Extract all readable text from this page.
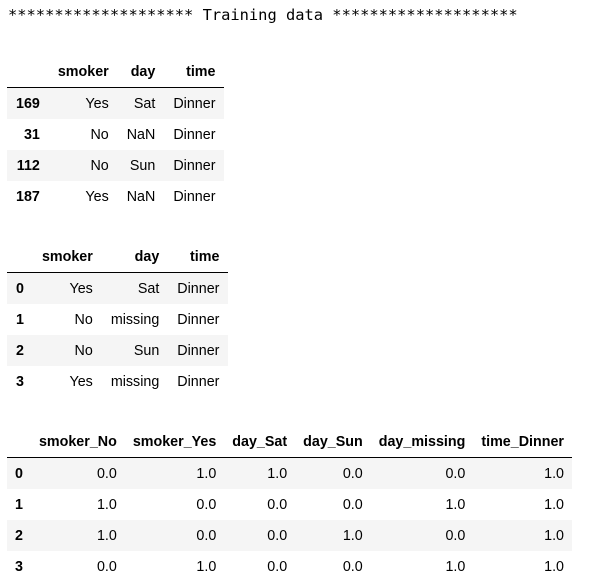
******************** Training data ********************
	smoker	day	time
169	Yes	Sat	Dinner
31	No	NaN	Dinner
112	No	Sun	Dinner
187	Yes	NaN	Dinner
	smoker	day	time
0	Yes	Sat	Dinner
1	No	missing	Dinner
2	No	Sun	Dinner
3	Yes	missing	Dinner
	smoker_No	smoker_Yes	day_Sat	day_Sun	day_missing	time_Dinner
0	0.0	1.0	1.0	0.0	0.0	1.0
1	1.0	0.0	0.0	0.0	1.0	1.0
2	1.0	0.0	0.0	1.0	0.0	1.0
3	0.0	1.0	0.0	0.0	1.0	1.0
